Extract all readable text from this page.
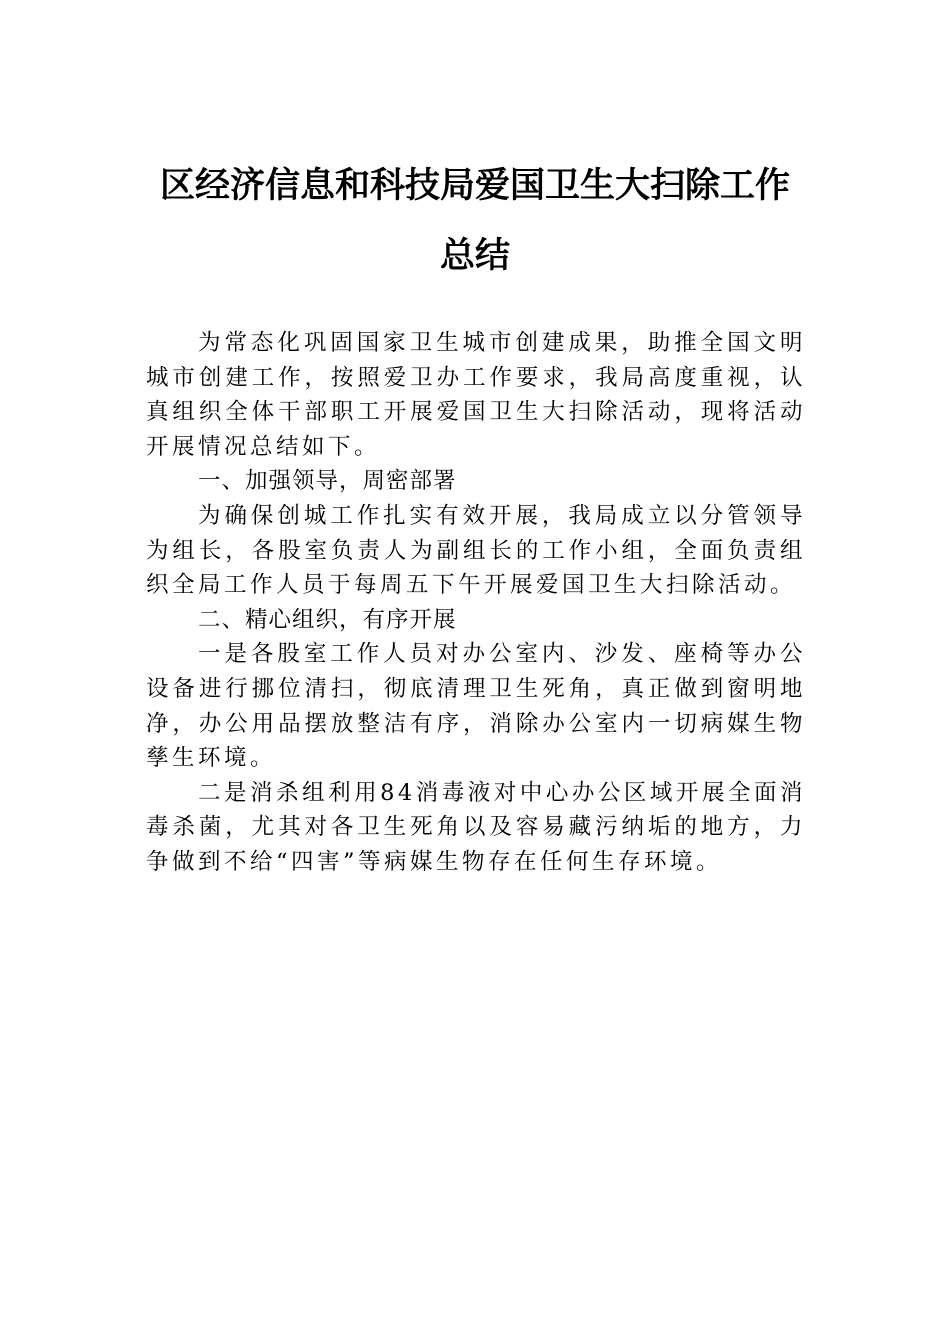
区经济信息和科技局爱国卫生大扫除工作
总结

为常态化巩固国家卫生城市创建成果，助推全国文明城市创建工作，按照爱卫办工作要求，我局高度重视，认真组织全体干部职工开展爱国卫生大扫除活动，现将活动开展情况总结如下。

一、加强领导，周密部署

为确保创城工作扎实有效开展，我局成立以分管领导为组长，各股室负责人为副组长的工作小组，全面负责组织全局工作人员于每周五下午开展爱国卫生大扫除活动。

二、精心组织，有序开展

一是各股室工作人员对办公室内、沙发、座椅等办公设备进行挪位清扫，彻底清理卫生死角，真正做到窗明地净，办公用品摆放整洁有序，消除办公室内一切病媒生物孳生环境。

二是消杀组利用84消毒液对中心办公区域开展全面消毒杀菌，尤其对各卫生死角以及容易藏污纳垢的地方，力争做到不给“四害”等病媒生物存在任何生存环境。
